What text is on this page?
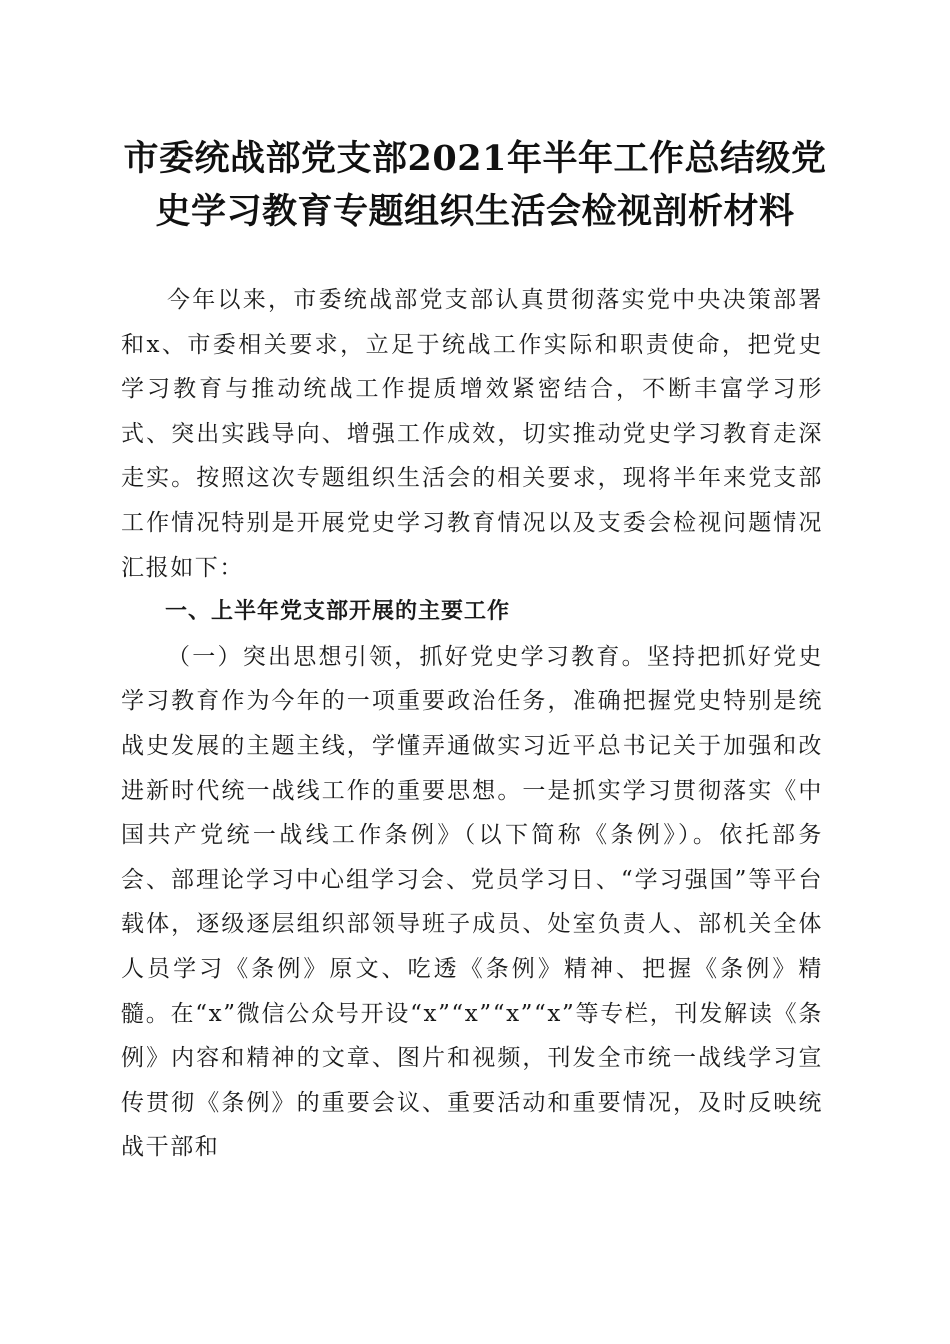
市委统战部党支部2021年半年工作总结级党
史学习教育专题组织生活会检视剖析材料

今年以来，市委统战部党支部认真贯彻落实党中央决策部署和x、市委相关要求，立足于统战工作实际和职责使命，把党史学习教育与推动统战工作提质增效紧密结合，不断丰富学习形式、突出实践导向、增强工作成效，切实推动党史学习教育走深走实。按照这次专题组织生活会的相关要求，现将半年来党支部工作情况特别是开展党史学习教育情况以及支委会检视问题情况汇报如下：

一、上半年党支部开展的主要工作

（一）突出思想引领，抓好党史学习教育。坚持把抓好党史学习教育作为今年的一项重要政治任务，准确把握党史特别是统战史发展的主题主线，学懂弄通做实习近平总书记关于加强和改进新时代统一战线工作的重要思想。一是抓实学习贯彻落实《中国共产党统一战线工作条例》（以下简称《条例》）。依托部务会、部理论学习中心组学习会、党员学习日、“学习强国”等平台载体，逐级逐层组织部领导班子成员、处室负责人、部机关全体人员学习《条例》原文、吃透《条例》精神、把握《条例》精髓。在“x”微信公众号开设“x”“x”“x”“x”等专栏，刊发解读《条例》内容和精神的文章、图片和视频，刊发全市统一战线学习宣传贯彻《条例》的重要会议、重要活动和重要情况，及时反映统战干部和
